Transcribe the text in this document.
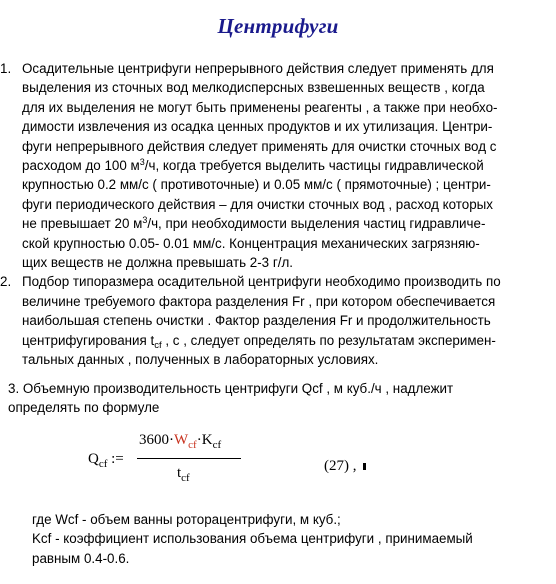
Центрифуги
1. Осадительные центрифуги непрерывного действия следует применять для
выделения из сточных вод мелкодисперсных взвешенных веществ , когда
для их выделения не могут быть применены реагенты , а также при необхо-
димости извлечения из осадка ценных продуктов и их утилизация. Центри-
фуги непрерывного действия следует применять для очистки сточных вод с
расходом до 100 $м^3/ч$, когда требуется выделить частицы гидравлической
крупностью 0.2 мм/с ( противоточные) и 0.05 мм/с ( прямоточные) ; центри-
фуги периодического действия – для очистки сточных вод , расход которых
не превышает 20 $м^3/ч$, при необходимости выделения частиц гидравличе-
ской крупностью 0.05- 0.01 мм/с. Концентрация механических загрязняю-
щих веществ не должна превышать 2-3 г/л.
2. Подбор типоразмера осадительной центрифуги необходимо производить по
величине требуемого фактора разделения Fr , при котором обеспечивается
наибольшая степень очистки . Фактор разделения Fr и продолжительность
центрифугирования $t_{cf}$ , с , следует определять по результатам эксперимен-
тальных данных , полученных в лабораторных условиях.
3. Объемную производительность центрифуги Qcf , м куб./ч , надлежит
определять по формуле
$Q_{cf}$ :=
$3600\cdot W_{cf}\cdot K_{cf}$
$t_{cf}$
(27) ,
где Wcf - объем ванны роторацентрифуги, м куб.;
Kcf - коэффициент использования объема центрифуги , принимаемый
равным 0.4-0.6.
